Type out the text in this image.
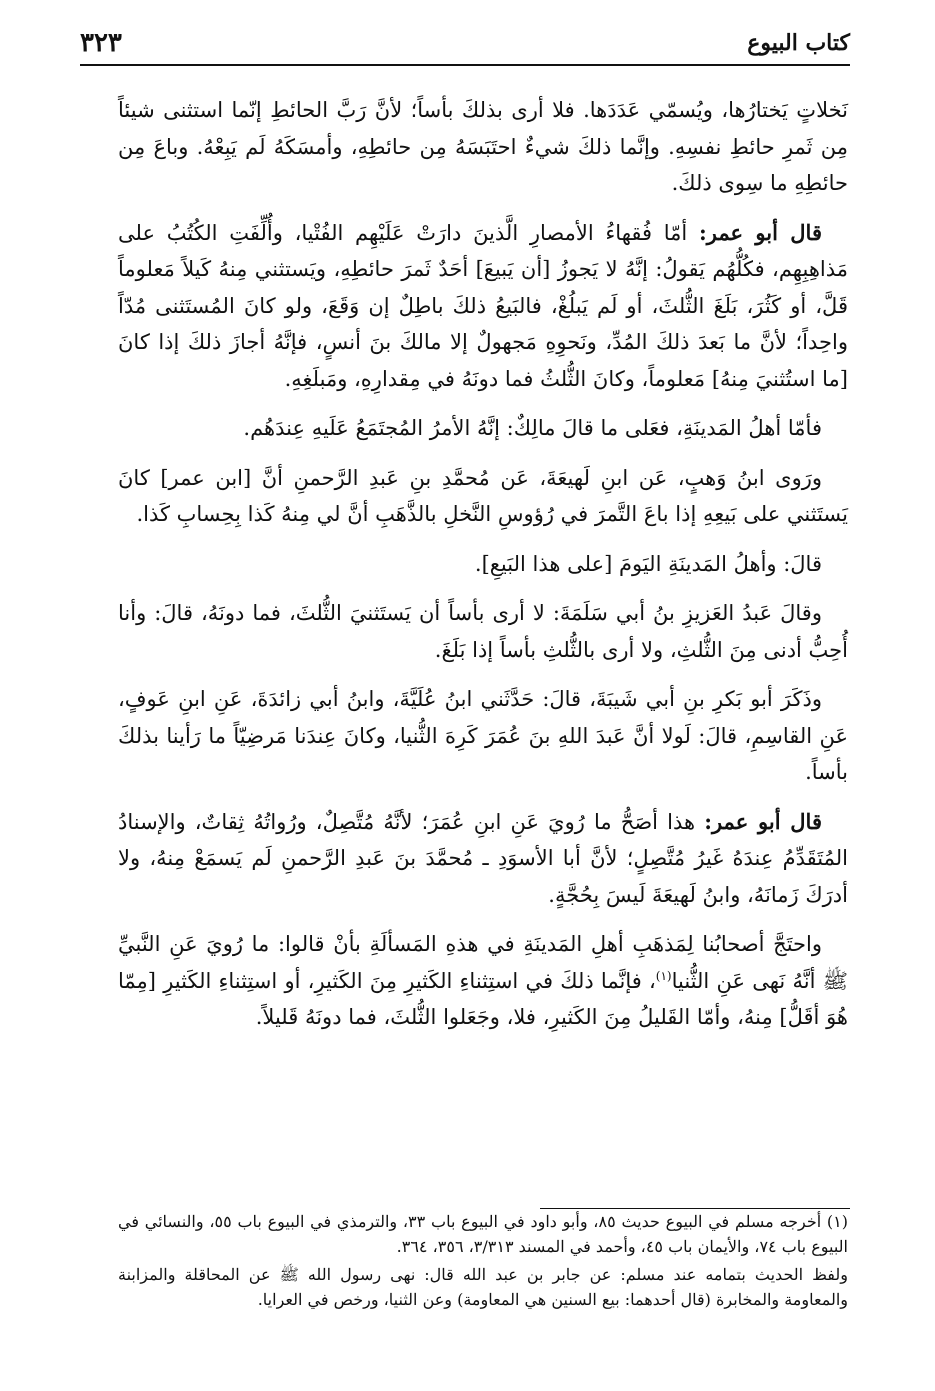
كتاب البيوع
٣٢٣

نَخلاتٍ يَختارُها، ويُسمّي عَدَدَها. فلا أرى بذلكَ بأساً؛ لأنَّ رَبَّ الحائطِ إنّما استثنى شيئاً مِن ثَمرِ حائطِ نفسِهِ. وإنَّما ذلكَ شيءٌ احتَبَسَهُ مِن حائطِهِ، وأمسَكَهُ لَم يَبِعْهُ. وباعَ مِن حائطِهِ ما سِوى ذلكَ.

قال أبو عمر: أمّا فُقهاءُ الأمصارِ الَّذينَ دارَتْ عَلَيْهِم الفُتْيا، وأُلِّفَتِ الكُتُبُ على مَذاهِبِهِم، فكُلُّهُم يَقولُ: إنَّهُ لا يَجوزُ [أن يَبيعَ] أحَدٌ ثَمرَ حائطِهِ، ويَستثني مِنهُ كَيلاً مَعلوماً قَلَّ، أو كَثُرَ، بَلَغَ الثُّلثَ، أو لَم يَبلُغْ، فالبَيعُ ذلكَ باطِلٌ إن وَقَعَ، ولو كانَ المُستَثنى مُدّاً واحِداً؛ لأنَّ ما بَعدَ ذلكَ المُدِّ، ونَحوِهِ مَجهولٌ إلا مالكَ بنَ أنسٍ، فإنَّهُ أجازَ ذلكَ إذا كانَ [ما استُثنيَ مِنهُ] مَعلوماً، وكانَ الثُّلثُ فما دونَهُ في مِقدارِهِ، ومَبلَغِهِ.

فأمّا أهلُ المَدينَةِ، فعَلى ما قالَ مالِكٌ: إنَّهُ الأمرُ المُجتَمَعُ عَلَيهِ عِندَهُم.

ورَوى ابنُ وَهبٍ، عَن ابنِ لَهيعَةَ، عَن مُحمَّدِ بنِ عَبدِ الرَّحمنِ أنَّ [ابن عمر] كانَ يَستَثني على بَيعِهِ إذا باعَ التَّمرَ في رُؤوسِ النَّخلِ بالذَّهَبِ أنَّ لي مِنهُ كَذا بِحِسابِ كَذا.

قالَ: وأهلُ المَدينَةِ اليَومَ [على هذا البَيعِ].

وقالَ عَبدُ العَزيزِ بنُ أبي سَلَمَةَ: لا أرى بأساً أن يَستَثنيَ الثُّلثَ، فما دونَهُ، قالَ: وأنا أُحِبُّ أدنى مِنَ الثُّلثِ، ولا أرى بالثُّلثِ بأساً إذا بَلَغَ.

وذَكَرَ أبو بَكرِ بنِ أبي شَيبَةَ، قالَ: حَدَّثَني ابنُ عُلَيَّةَ، وابنُ أبي زائدَةَ، عَنِ ابنِ عَوفٍ، عَنِ القاسِمِ، قالَ: لَولا أنَّ عَبدَ اللهِ بنَ عُمَرَ كَرِهَ الثُّنيا، وكانَ عِندَنا مَرضِيّاً ما رَأينا بذلكَ بأساً.

قال أبو عمر: هذا أصَحُّ ما رُويَ عَنِ ابنِ عُمَرَ؛ لأنَّهُ مُتَّصِلٌ، ورُواتُهُ ثِقاتٌ، والإسنادُ المُتَقَدِّمُ عِندَهُ غَيرُ مُتَّصِلٍ؛ لأنَّ أبا الأسوَدِ ـ مُحمَّدَ بنَ عَبدِ الرَّحمنِ لَم يَسمَعْ مِنهُ، ولا أدرَكَ زَمانَهُ، وابنُ لَهيعَةَ لَيسَ بِحُجَّةٍ.

واحتَجَّ أصحابُنا لِمَذهَبِ أهلِ المَدينَةِ في هذهِ المَسألَةِ بأنْ قالوا: ما رُويَ عَنِ النَّبيِّ ﷺ أنَّهُ نَهى عَنِ الثُّنيا$^{(١)}$، فإنَّما ذلكَ في استِثناءِ الكَثيرِ مِنَ الكَثيرِ، أو استِثناءِ الكَثيرِ [مِمّا هُوَ أقَلُّ] مِنهُ، وأمّا القَليلُ مِنَ الكَثيرِ، فلا، وجَعَلوا الثُّلثَ، فما دونَهُ قَليلاً.

(١) أخرجه مسلم في البيوع حديث ٨٥، وأبو داود في البيوع باب ٣٣، والترمذي في البيوع باب ٥٥، والنسائي في البيوع باب ٧٤، والأيمان باب ٤٥، وأحمد في المسند ٣/٣١٣، ٣٥٦، ٣٦٤.

ولفظ الحديث بتمامه عند مسلم: عن جابر بن عبد الله قال: نهى رسول الله ﷺ عن المحاقلة والمزابنة والمعاومة والمخابرة (قال أحدهما: بيع السنين هي المعاومة) وعن الثنيا، ورخص في العرايا.
